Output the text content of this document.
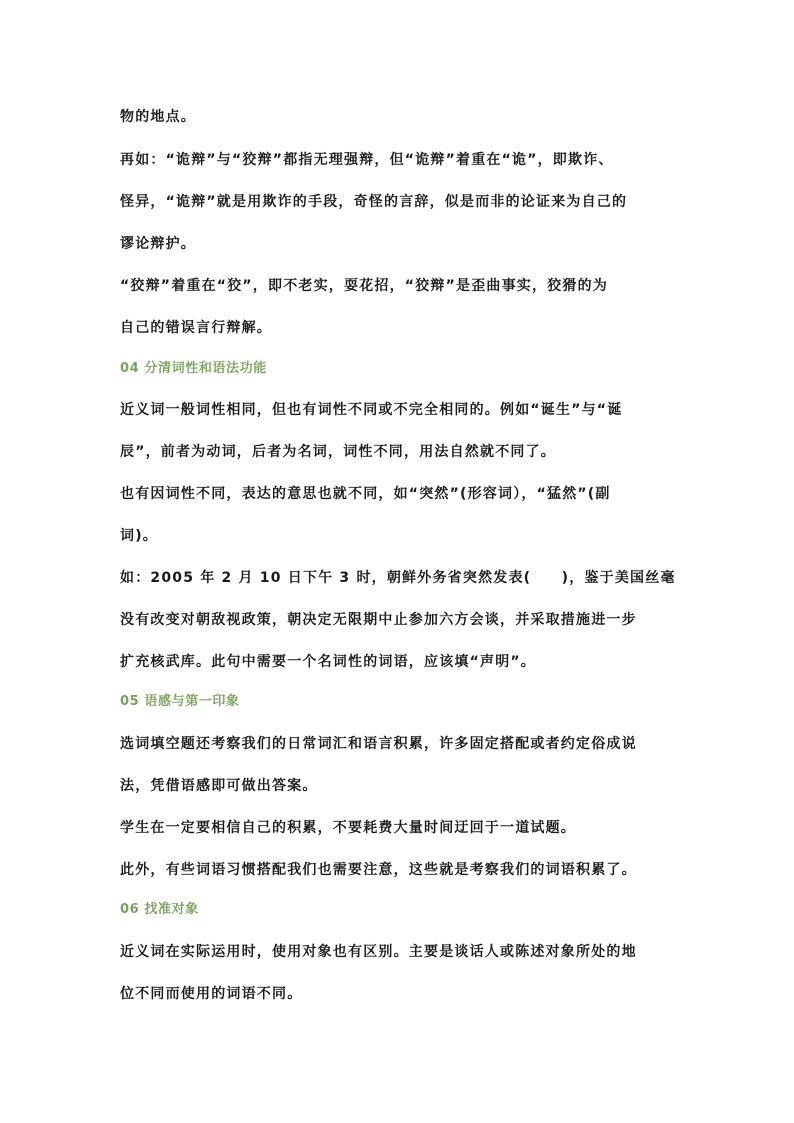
物的地点。
再如：“诡辩”与“狡辩”都指无理强辩，但“诡辩”着重在“诡”，即欺诈、
怪异，“诡辩”就是用欺诈的手段，奇怪的言辞，似是而非的论证来为自己的
谬论辩护。
“狡辩”着重在“狡”，即不老实，耍花招，“狡辩”是歪曲事实，狡猾的为
自己的错误言行辩解。
04 分清词性和语法功能
近义词一般词性相同，但也有词性不同或不完全相同的。例如“诞生”与“诞
辰”，前者为动词，后者为名词，词性不同，用法自然就不同了。
也有因词性不同，表达的意思也就不同，如“突然”(形容词），“猛然”(副
词)。
如：2005 年 2 月 10 日下午 3 时，朝鲜外务省突然发表(　　)，鉴于美国丝毫
没有改变对朝敌视政策，朝决定无限期中止参加六方会谈，并采取措施进一步
扩充核武库。此句中需要一个名词性的词语，应该填“声明”。
05 语感与第一印象
选词填空题还考察我们的日常词汇和语言积累，许多固定搭配或者约定俗成说
法，凭借语感即可做出答案。
学生在一定要相信自己的积累，不要耗费大量时间迂回于一道试题。
此外，有些词语习惯搭配我们也需要注意，这些就是考察我们的词语积累了。
06 找准对象
近义词在实际运用时，使用对象也有区别。主要是谈话人或陈述对象所处的地
位不同而使用的词语不同。
